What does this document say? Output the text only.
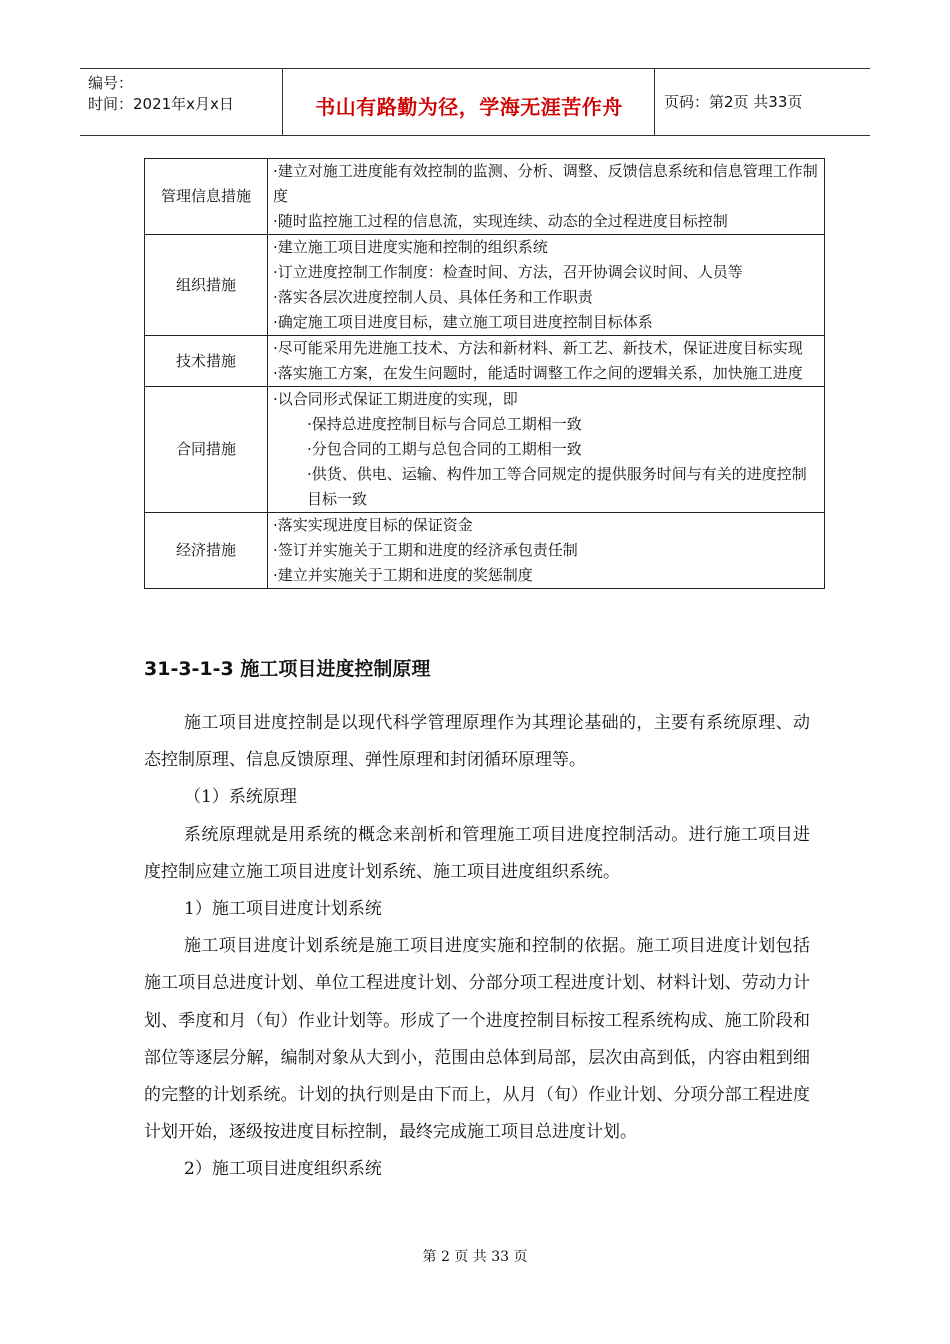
编号：
时间：2021年x月x日	书山有路勤为径，学海无涯苦作舟	页码：第2页 共33页
管理信息措施	·建立对施工进度能有效控制的监测、分析、调整、反馈信息系统和信息管理工作制度
·随时监控施工过程的信息流，实现连续、动态的全过程进度目标控制

组织措施	·建立施工项目进度实施和控制的组织系统
·订立进度控制工作制度：检查时间、方法，召开协调会议时间、人员等
·落实各层次进度控制人员、具体任务和工作职责
·确定施工项目进度目标，建立施工项目进度控制目标体系

技术措施	·尽可能采用先进施工技术、方法和新材料、新工艺、新技术，保证进度目标实现
·落实施工方案，在发生问题时，能适时调整工作之间的逻辑关系，加快施工进度

合同措施	·以合同形式保证工期进度的实现，即
·保持总进度控制目标与合同总工期相一致
·分包合同的工期与总包合同的工期相一致
·供货、供电、运输、构件加工等合同规定的提供服务时间与有关的进度控制目标一致

经济措施	·落实实现进度目标的保证资金
·签订并实施关于工期和进度的经济承包责任制
·建立并实施关于工期和进度的奖惩制度
31-3-1-3 施工项目进度控制原理

施工项目进度控制是以现代科学管理原理作为其理论基础的，主要有系统原理、动态控制原理、信息反馈原理、弹性原理和封闭循环原理等。

（1）系统原理

系统原理就是用系统的概念来剖析和管理施工项目进度控制活动。进行施工项目进度控制应建立施工项目进度计划系统、施工项目进度组织系统。

1）施工项目进度计划系统

施工项目进度计划系统是施工项目进度实施和控制的依据。施工项目进度计划包括施工项目总进度计划、单位工程进度计划、分部分项工程进度计划、材料计划、劳动力计划、季度和月（旬）作业计划等。形成了一个进度控制目标按工程系统构成、施工阶段和部位等逐层分解，编制对象从大到小，范围由总体到局部，层次由高到低，内容由粗到细的完整的计划系统。计划的执行则是由下而上，从月（旬）作业计划、分项分部工程进度计划开始，逐级按进度目标控制，最终完成施工项目总进度计划。

2）施工项目进度组织系统

第 2 页 共 33 页
